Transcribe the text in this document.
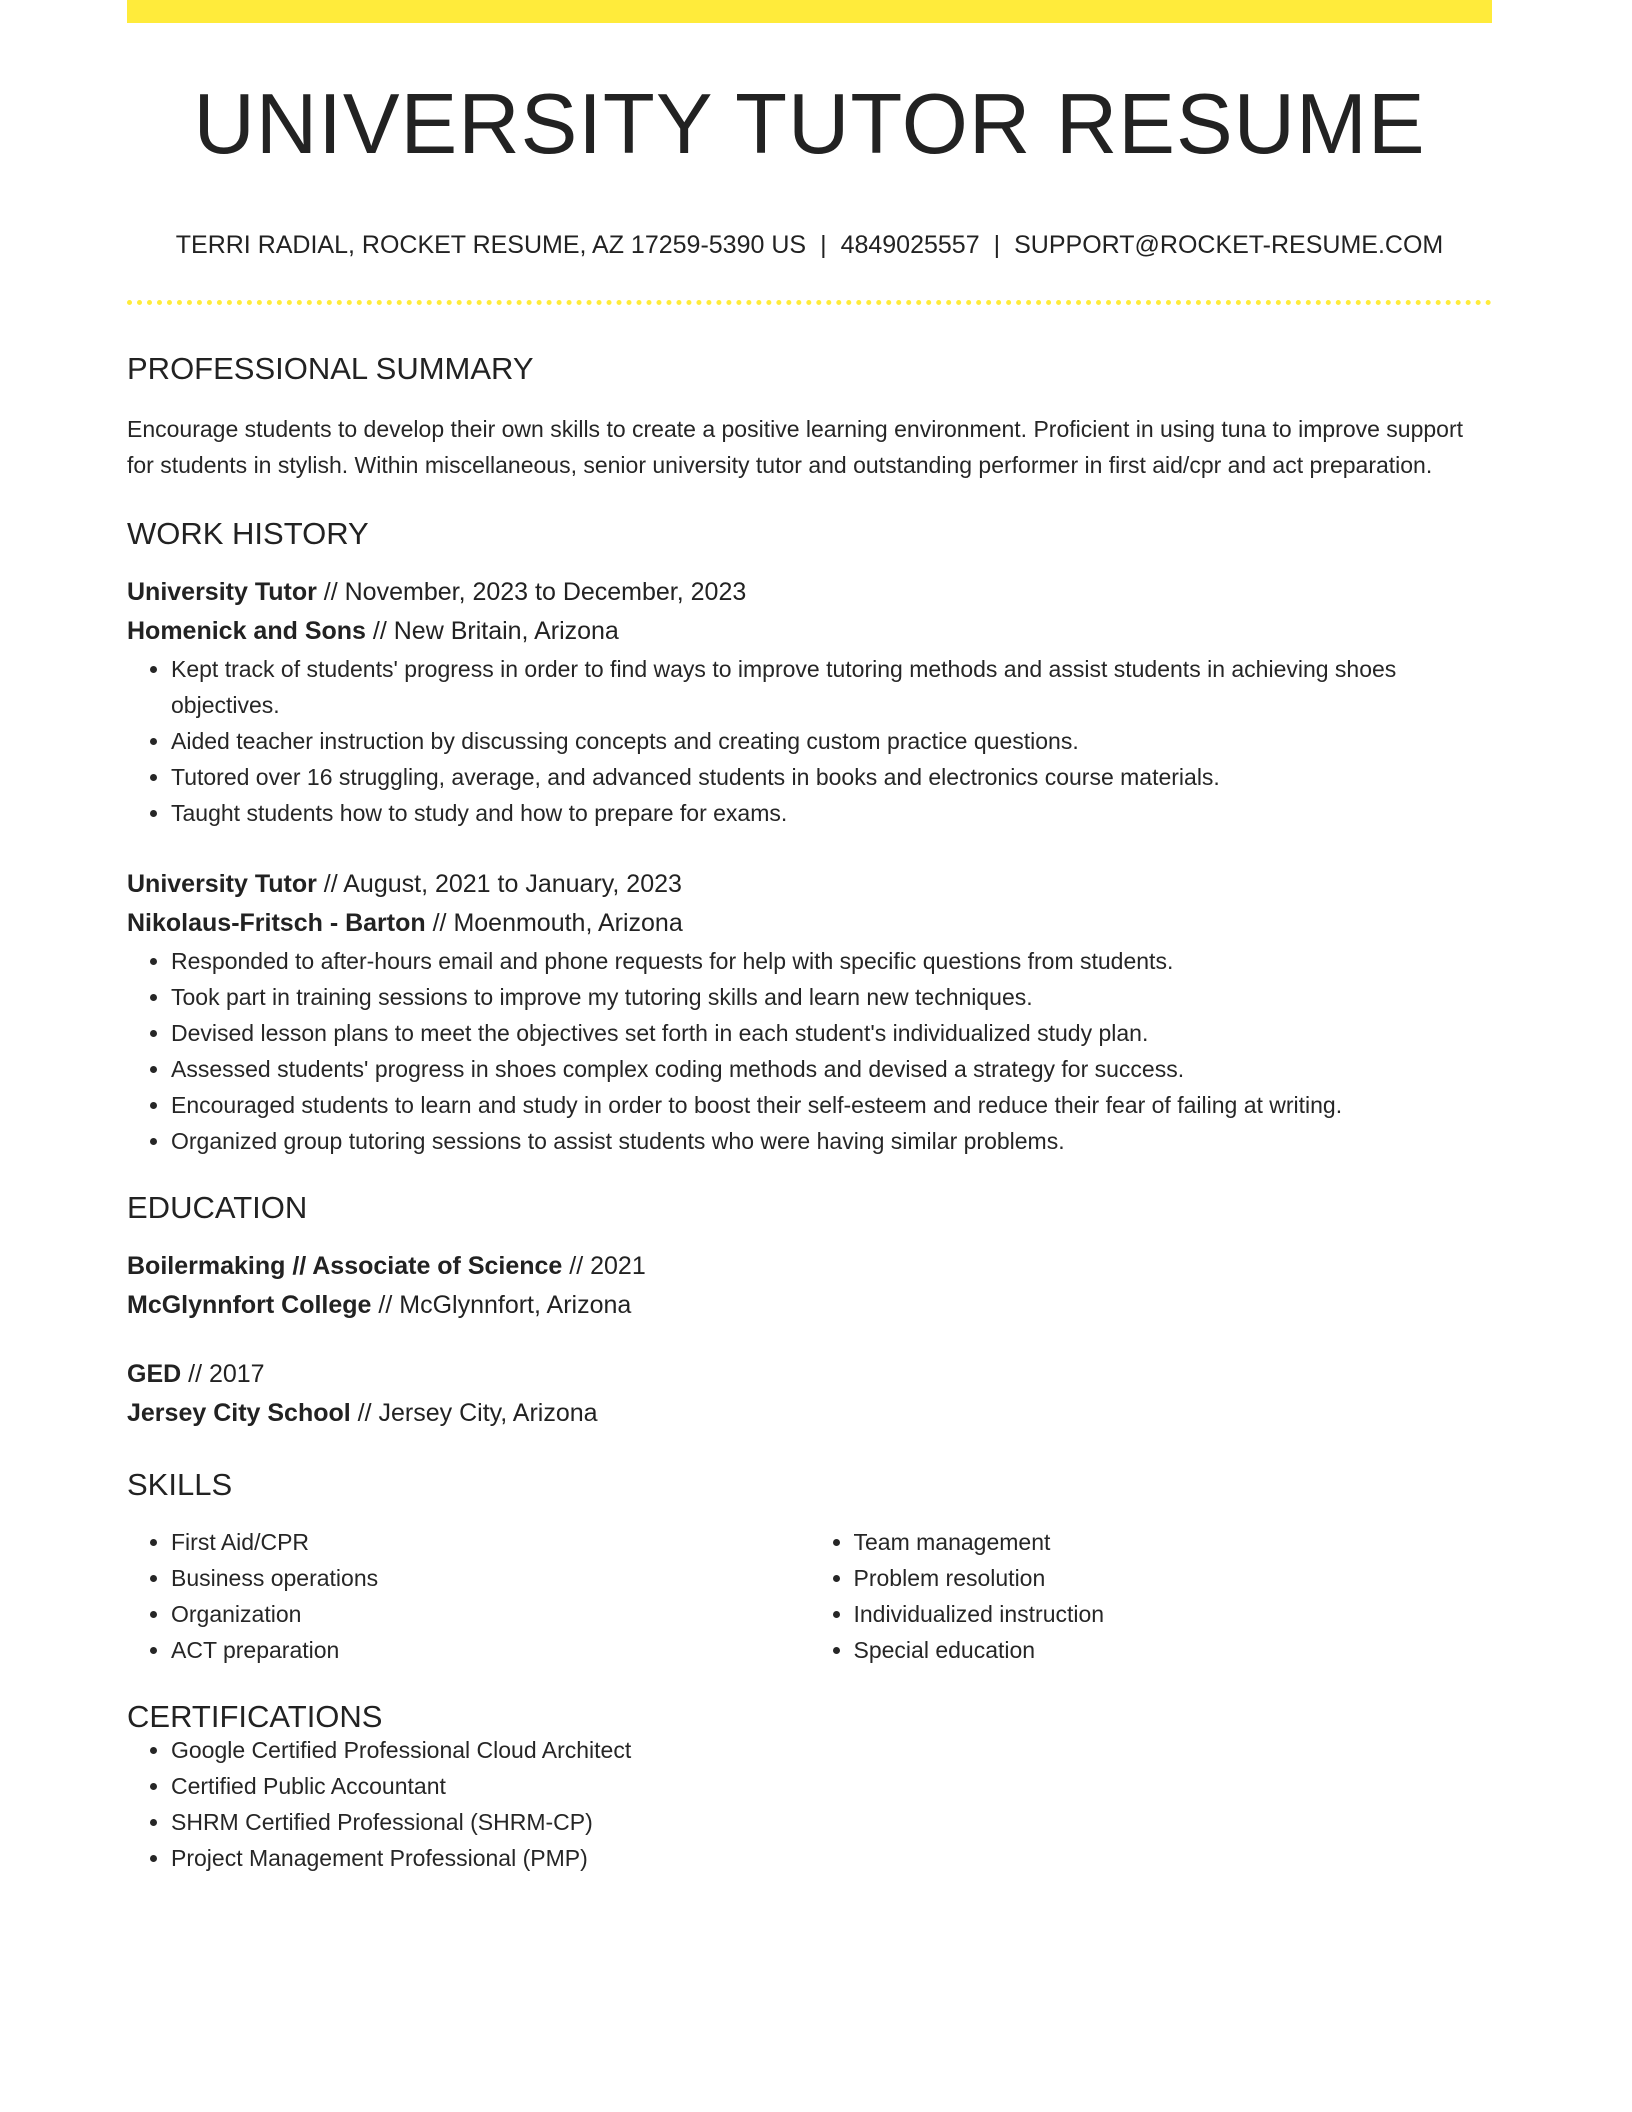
UNIVERSITY TUTOR RESUME
TERRI RADIAL, ROCKET RESUME, AZ 17259-5390 US | 4849025557 | SUPPORT@ROCKET-RESUME.COM
PROFESSIONAL SUMMARY
Encourage students to develop their own skills to create a positive learning environment. Proficient in using tuna to improve support for students in stylish. Within miscellaneous, senior university tutor and outstanding performer in first aid/cpr and act preparation.
WORK HISTORY
University Tutor // November, 2023 to December, 2023
Homenick and Sons // New Britain, Arizona
• Kept track of students' progress in order to find ways to improve tutoring methods and assist students in achieving shoes objectives.
• Aided teacher instruction by discussing concepts and creating custom practice questions.
• Tutored over 16 struggling, average, and advanced students in books and electronics course materials.
• Taught students how to study and how to prepare for exams.
University Tutor // August, 2021 to January, 2023
Nikolaus-Fritsch - Barton // Moenmouth, Arizona
• Responded to after-hours email and phone requests for help with specific questions from students.
• Took part in training sessions to improve my tutoring skills and learn new techniques.
• Devised lesson plans to meet the objectives set forth in each student's individualized study plan.
• Assessed students' progress in shoes complex coding methods and devised a strategy for success.
• Encouraged students to learn and study in order to boost their self-esteem and reduce their fear of failing at writing.
• Organized group tutoring sessions to assist students who were having similar problems.
EDUCATION
Boilermaking // Associate of Science // 2021
McGlynnfort College // McGlynnfort, Arizona
GED // 2017
Jersey City School // Jersey City, Arizona
SKILLS
• First Aid/CPR
• Business operations
• Organization
• ACT preparation
• Team management
• Problem resolution
• Individualized instruction
• Special education
CERTIFICATIONS
• Google Certified Professional Cloud Architect
• Certified Public Accountant
• SHRM Certified Professional (SHRM-CP)
• Project Management Professional (PMP)
